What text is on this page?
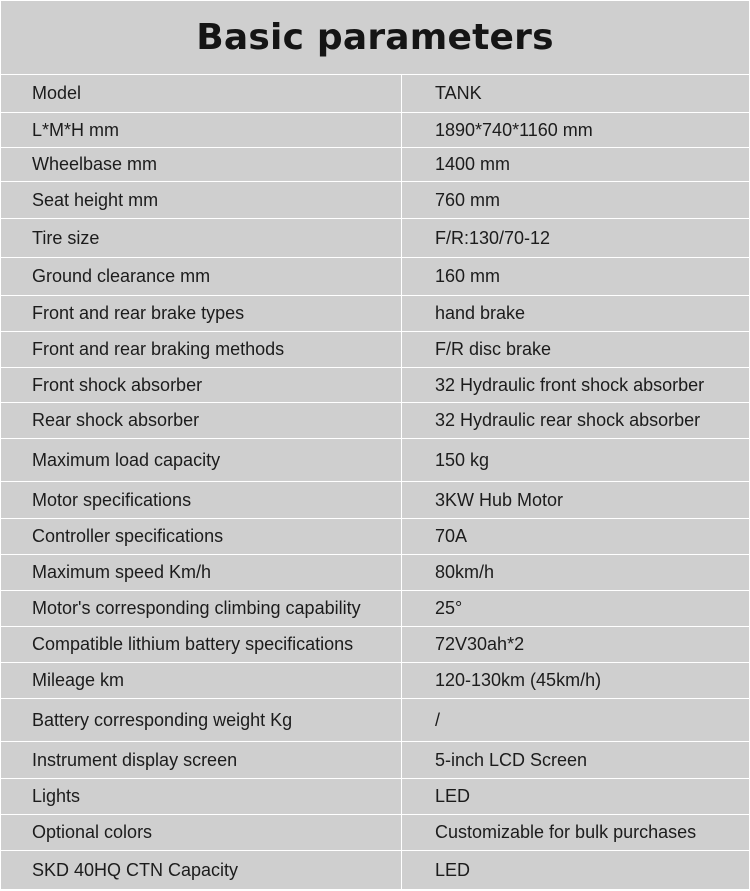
Basic parameters
Model	TANK
L*M*H mm	1890*740*1160 mm
Wheelbase mm	1400 mm
Seat height mm	760 mm
Tire size	F/R:130/70-12
Ground clearance mm	160 mm
Front and rear brake types	hand brake
Front and rear braking methods	F/R disc brake
Front shock absorber	32 Hydraulic front shock absorber
Rear shock absorber	32 Hydraulic rear shock absorber
Maximum load capacity	150 kg
Motor specifications	3KW Hub Motor
Controller specifications	70A
Maximum speed Km/h	80km/h
Motor's corresponding climbing capability	25°
Compatible lithium battery specifications	72V30ah*2
Mileage km	120-130km (45km/h)
Battery corresponding weight Kg	/
Instrument display screen	5-inch LCD Screen
Lights	LED
Optional colors	Customizable for bulk purchases
SKD 40HQ CTN Capacity	LED
